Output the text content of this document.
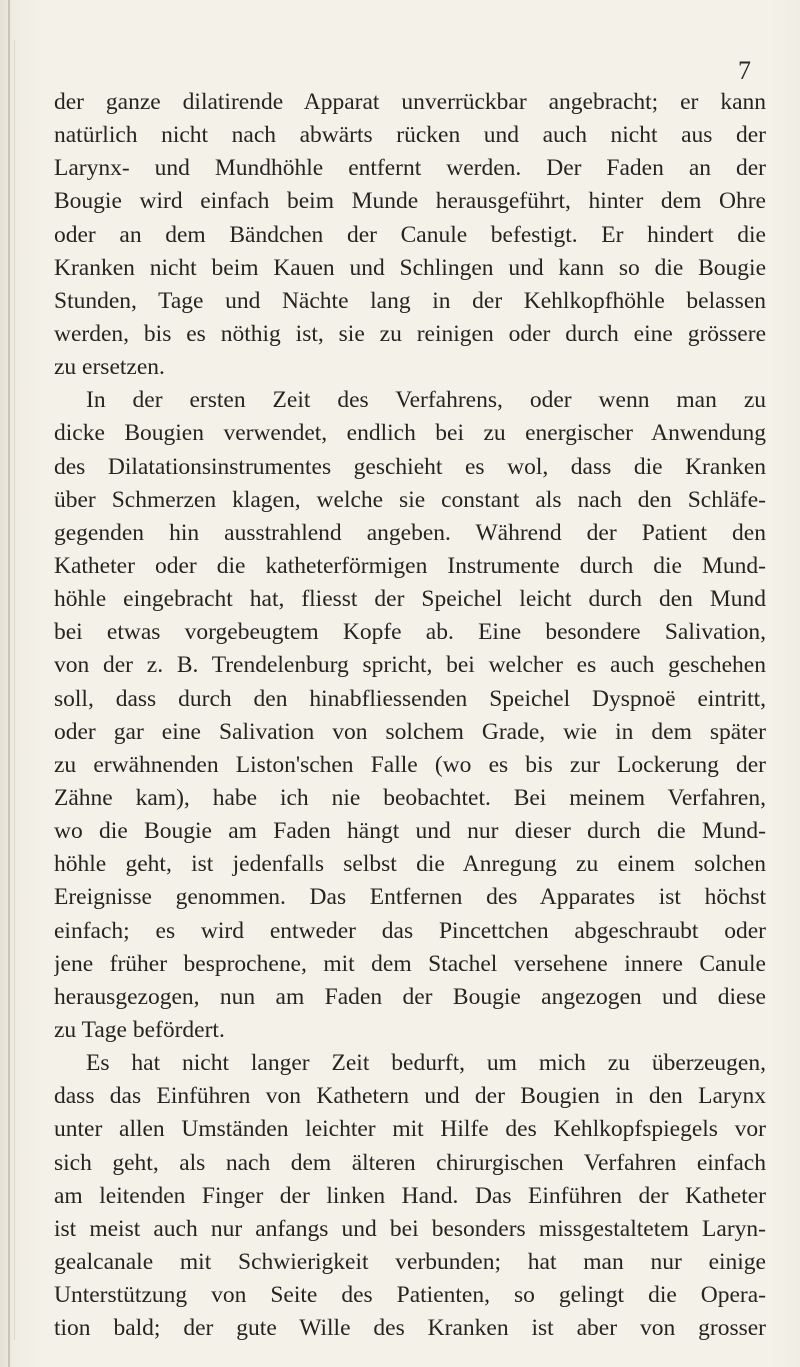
7
der ganze dilatirende Apparat unverrückbar angebracht; er kann
natürlich nicht nach abwärts rücken und auch nicht aus der
Larynx- und Mundhöhle entfernt werden. Der Faden an der
Bougie wird einfach beim Munde herausgeführt, hinter dem Ohre
oder an dem Bändchen der Canule befestigt. Er hindert die
Kranken nicht beim Kauen und Schlingen und kann so die Bougie
Stunden, Tage und Nächte lang in der Kehlkopfhöhle belassen
werden, bis es nöthig ist, sie zu reinigen oder durch eine grössere
zu ersetzen.
In der ersten Zeit des Verfahrens, oder wenn man zu
dicke Bougien verwendet, endlich bei zu energischer Anwendung
des Dilatationsinstrumentes geschieht es wol, dass die Kranken
über Schmerzen klagen, welche sie constant als nach den Schläfe-
gegenden hin ausstrahlend angeben. Während der Patient den
Katheter oder die katheterförmigen Instrumente durch die Mund-
höhle eingebracht hat, fliesst der Speichel leicht durch den Mund
bei etwas vorgebeugtem Kopfe ab. Eine besondere Salivation,
von der z. B. Trendelenburg spricht, bei welcher es auch geschehen
soll, dass durch den hinabfliessenden Speichel Dyspnoë eintritt,
oder gar eine Salivation von solchem Grade, wie in dem später
zu erwähnenden Liston'schen Falle (wo es bis zur Lockerung der
Zähne kam), habe ich nie beobachtet. Bei meinem Verfahren,
wo die Bougie am Faden hängt und nur dieser durch die Mund-
höhle geht, ist jedenfalls selbst die Anregung zu einem solchen
Ereignisse genommen. Das Entfernen des Apparates ist höchst
einfach; es wird entweder das Pincettchen abgeschraubt oder
jene früher besprochene, mit dem Stachel versehene innere Canule
herausgezogen, nun am Faden der Bougie angezogen und diese
zu Tage befördert.
Es hat nicht langer Zeit bedurft, um mich zu überzeugen,
dass das Einführen von Kathetern und der Bougien in den Larynx
unter allen Umständen leichter mit Hilfe des Kehlkopfspiegels vor
sich geht, als nach dem älteren chirurgischen Verfahren einfach
am leitenden Finger der linken Hand. Das Einführen der Katheter
ist meist auch nur anfangs und bei besonders missgestaltetem Laryn-
gealcanale mit Schwierigkeit verbunden; hat man nur einige
Unterstützung von Seite des Patienten, so gelingt die Opera-
tion bald; der gute Wille des Kranken ist aber von grosser
